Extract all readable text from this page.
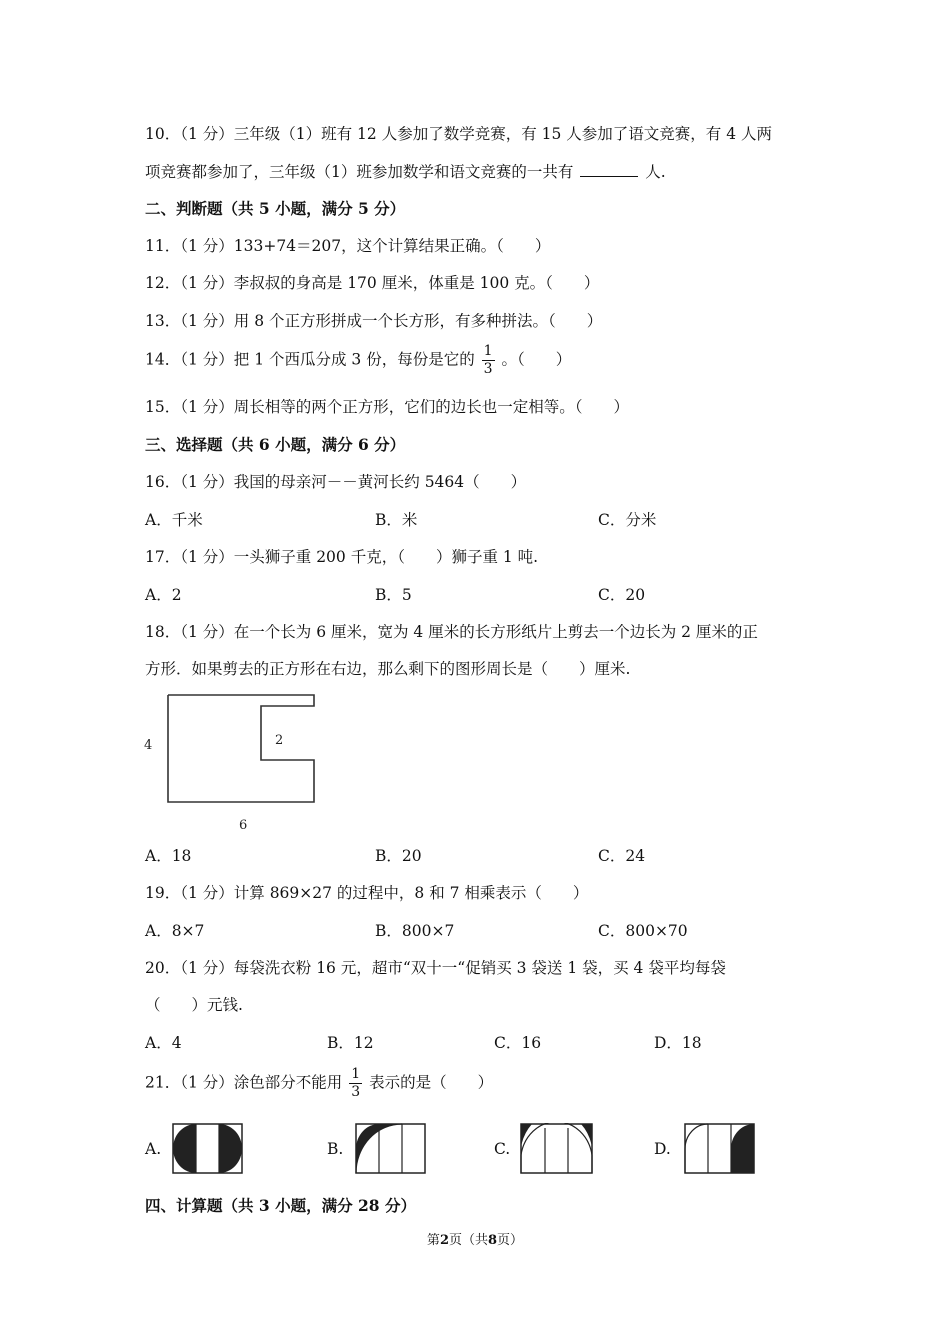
10．（1 分）三年级（1）班有 12 人参加了数学竞赛，有 15 人参加了语文竞赛，有 4 人两
项竞赛都参加了，三年级（1）班参加数学和语文竞赛的一共有	人.
二、判断题（共 5 小题，满分 5 分）
11．（1 分）133+74＝207，这个计算结果正确。（　　）
12．（1 分）李叔叔的身高是 170 厘米，体重是 100 克。（　　）
13．（1 分）用 8 个正方形拼成一个长方形，有多种拼法。（　　）
14．（1 分）把 1 个西瓜分成 3 份，每份是它的 $\frac{1}{3}$ 。（　　）
15．（1 分）周长相等的两个正方形，它们的边长也一定相等。（　　）
三、选择题（共 6 小题，满分 6 分）
16．（1 分）我国的母亲河－－黄河长约 5464（　　）
A．千米	B．米	C．分米
17．（1 分）一头狮子重 200 千克，（　　）狮子重 1 吨.
A．2	B．5	C．20
18．（1 分）在一个长为 6 厘米，宽为 4 厘米的长方形纸片上剪去一个边长为 2 厘米的正
方形．如果剪去的正方形在右边，那么剩下的图形周长是（　　）厘米.
4	2
6
A．18	B．20	C．24
19．（1 分）计算 869×27 的过程中，8 和 7 相乘表示（　　）
A．8×7	B．800×7	C．800×70
20．（1 分）每袋洗衣粉 16 元，超市“双十一“促销买 3 袋送 1 袋，买 4 袋平均每袋
（　　）元钱.
A．4	B．12	C．16	D．18
21．（1 分）涂色部分不能用 $\frac{1}{3}$ 表示的是（　　）
A.	B.	C.	D.
四、计算题（共 3 小题，满分 28 分）
第2页（共8页）
